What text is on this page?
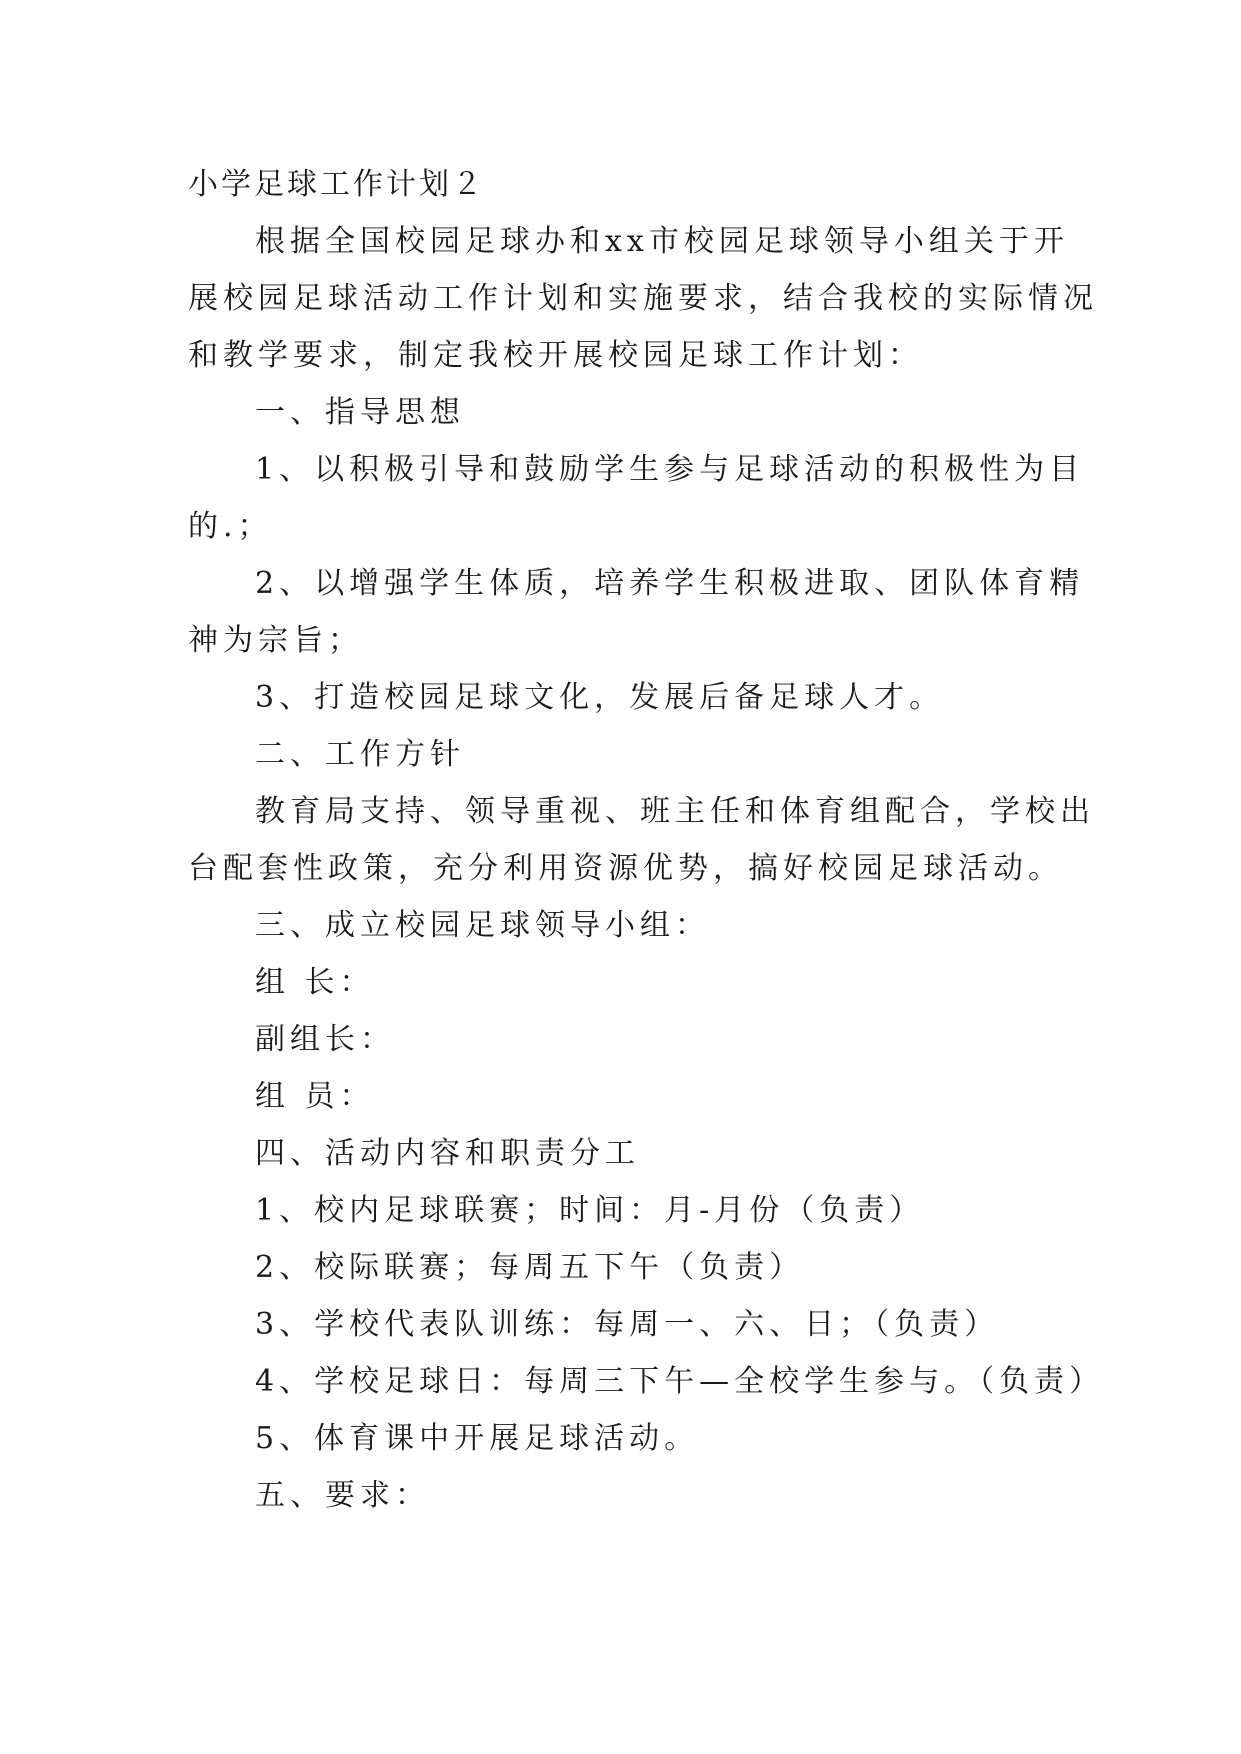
小学足球工作计划２
根据全国校园足球办和xx市校园足球领导小组关于开
展校园足球活动工作计划和实施要求，结合我校的实际情况
和教学要求，制定我校开展校园足球工作计划：
一、指导思想
1、以积极引导和鼓励学生参与足球活动的积极性为目
的.；
2、以增强学生体质，培养学生积极进取、团队体育精
神为宗旨；
3、打造校园足球文化，发展后备足球人才。
二、工作方针
教育局支持、领导重视、班主任和体育组配合，学校出
台配套性政策，充分利用资源优势，搞好校园足球活动。
三、成立校园足球领导小组：
组 长：
副组长：
组 员：
四、活动内容和职责分工
1、校内足球联赛；时间：月-月份（负责）
2、校际联赛；每周五下午（负责）
3、学校代表队训练：每周一、六、日；（负责）
4、学校足球日：每周三下午—全校学生参与。（负责）
5、体育课中开展足球活动。
五、要求：
